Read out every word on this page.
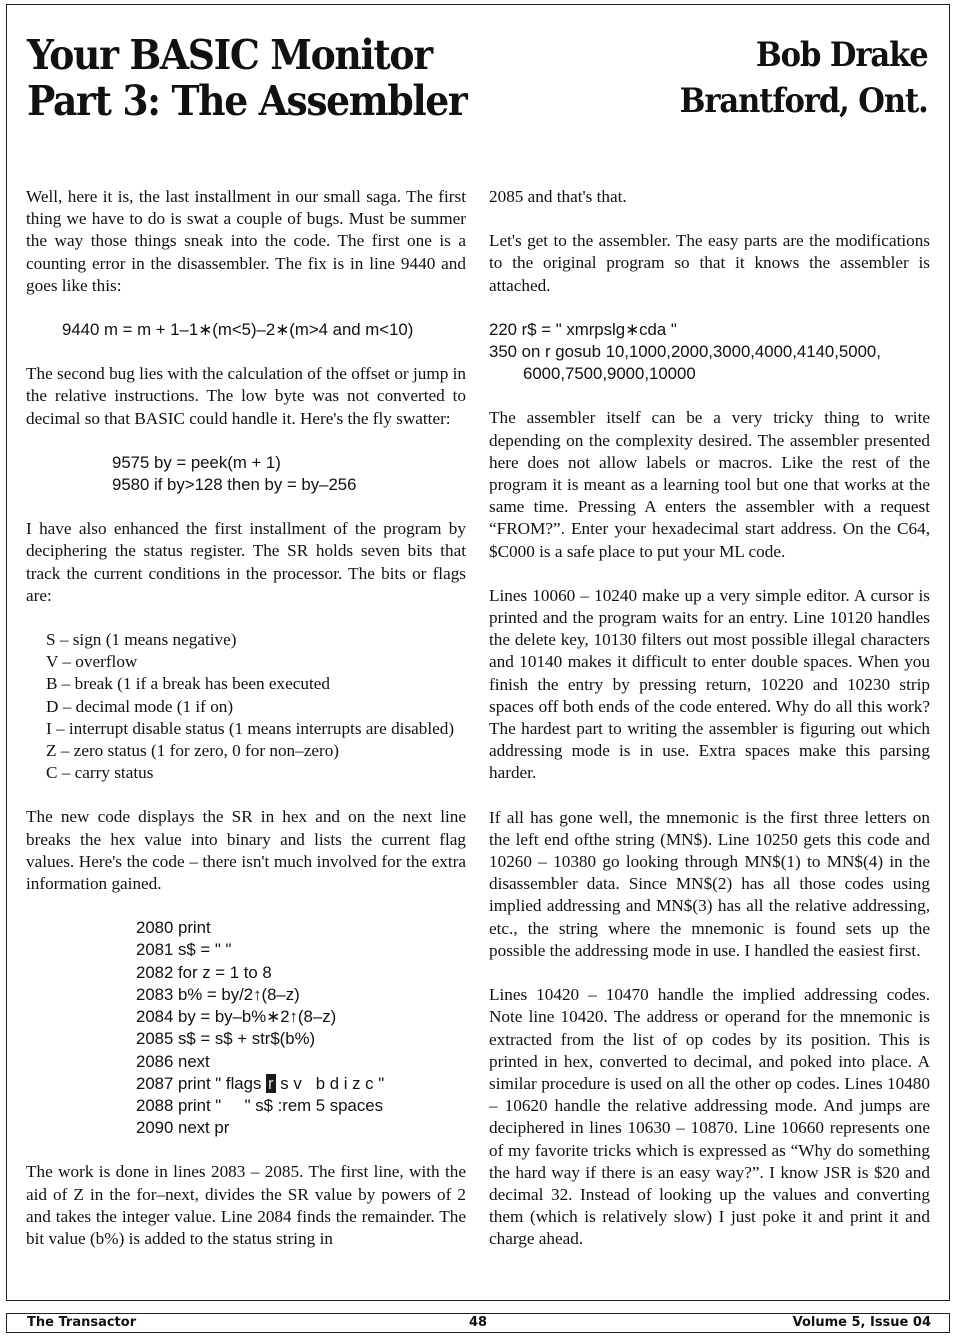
Your BASIC Monitor
Part 3: The Assembler
Bob Drake
Brantford, Ont.

Well, here it is, the last installment in our small saga. The first thing we have to do is swat a couple of bugs. Must be summer the way those things sneak into the code. The first one is a counting error in the disassembler. The fix is in line 9440 and goes like this:

9440 m = m + 1–1∗(m<5)–2∗(m>4 and m<10)

The second bug lies with the calculation of the offset or jump in the relative instructions. The low byte was not converted to decimal so that BASIC could handle it. Here's the fly swatter:

9575 by = peek(m + 1)
9580 if by>128 then by = by–256

I have also enhanced the first installment of the program by deciphering the status register. The SR holds seven bits that track the current conditions in the processor. The bits or flags are:

S – sign (1 means negative)
V – overflow
B – break (1 if a break has been executed
D – decimal mode (1 if on)
I – interrupt disable status (1 means interrupts are disabled)
Z – zero status (1 for zero, 0 for non–zero)
C – carry status

The new code displays the SR in hex and on the next line breaks the hex value into binary and lists the current flag values. Here's the code – there isn't much involved for the extra information gained.

2080 print
2081 s$ = " "
2082 for z = 1 to 8
2083 b% = by/2↑(8–z)
2084 by = by–b%∗2↑(8–z)
2085 s$ = s$ + str$(b%)
2086 next
2087 print " flags r s v   b d i z c "
2088 print "     " s$ :rem 5 spaces
2090 next pr

The work is done in lines 2083 – 2085. The first line, with the aid of Z in the for–next, divides the SR value by powers of 2 and takes the integer value. Line 2084 finds the remainder. The bit value (b%) is added to the status string in

2085 and that's that.

Let's get to the assembler. The easy parts are the modifications to the original program so that it knows the assembler is attached.

220 r$ = " xmrpslg∗cda "
350 on r gosub 10,1000,2000,3000,4000,4140,5000,
6000,7500,9000,10000

The assembler itself can be a very tricky thing to write depending on the complexity desired. The assembler presented here does not allow labels or macros. Like the rest of the program it is meant as a learning tool but one that works at the same time. Pressing A enters the assembler with a request “FROM?”. Enter your hexadecimal start address. On the C64, $C000 is a safe place to put your ML code.

Lines 10060 – 10240 make up a very simple editor. A cursor is printed and the program waits for an entry. Line 10120 handles the delete key, 10130 filters out most possible illegal characters and 10140 makes it difficult to enter double spaces. When you finish the entry by pressing return, 10220 and 10230 strip spaces off both ends of the code entered. Why do all this work? The hardest part to writing the assembler is figuring out which addressing mode is in use. Extra spaces make this parsing harder.

If all has gone well, the mnemonic is the first three letters on the left end ofthe string (MN$). Line 10250 gets this code and 10260 – 10380 go looking through MN$(1) to MN$(4) in the disassembler data. Since MN$(2) has all those codes using implied addressing and MN$(3) has all the relative addressing, etc., the string where the mnemonic is found sets up the possible the addressing mode in use. I handled the easiest first.

Lines 10420 – 10470 handle the implied addressing codes. Note line 10420. The address or operand for the mnemonic is extracted from the list of op codes by its position. This is printed in hex, converted to decimal, and poked into place. A similar procedure is used on all the other op codes. Lines 10480 – 10620 handle the relative addressing mode. And jumps are deciphered in lines 10630 – 10870. Line 10660 represents one of my favorite tricks which is expressed as “Why do something the hard way if there is an easy way?”. I know JSR is $20 and decimal 32. Instead of looking up the values and converting them (which is relatively slow) I just poke it and print it and charge ahead.

The Transactor	48	Volume 5, Issue 04
